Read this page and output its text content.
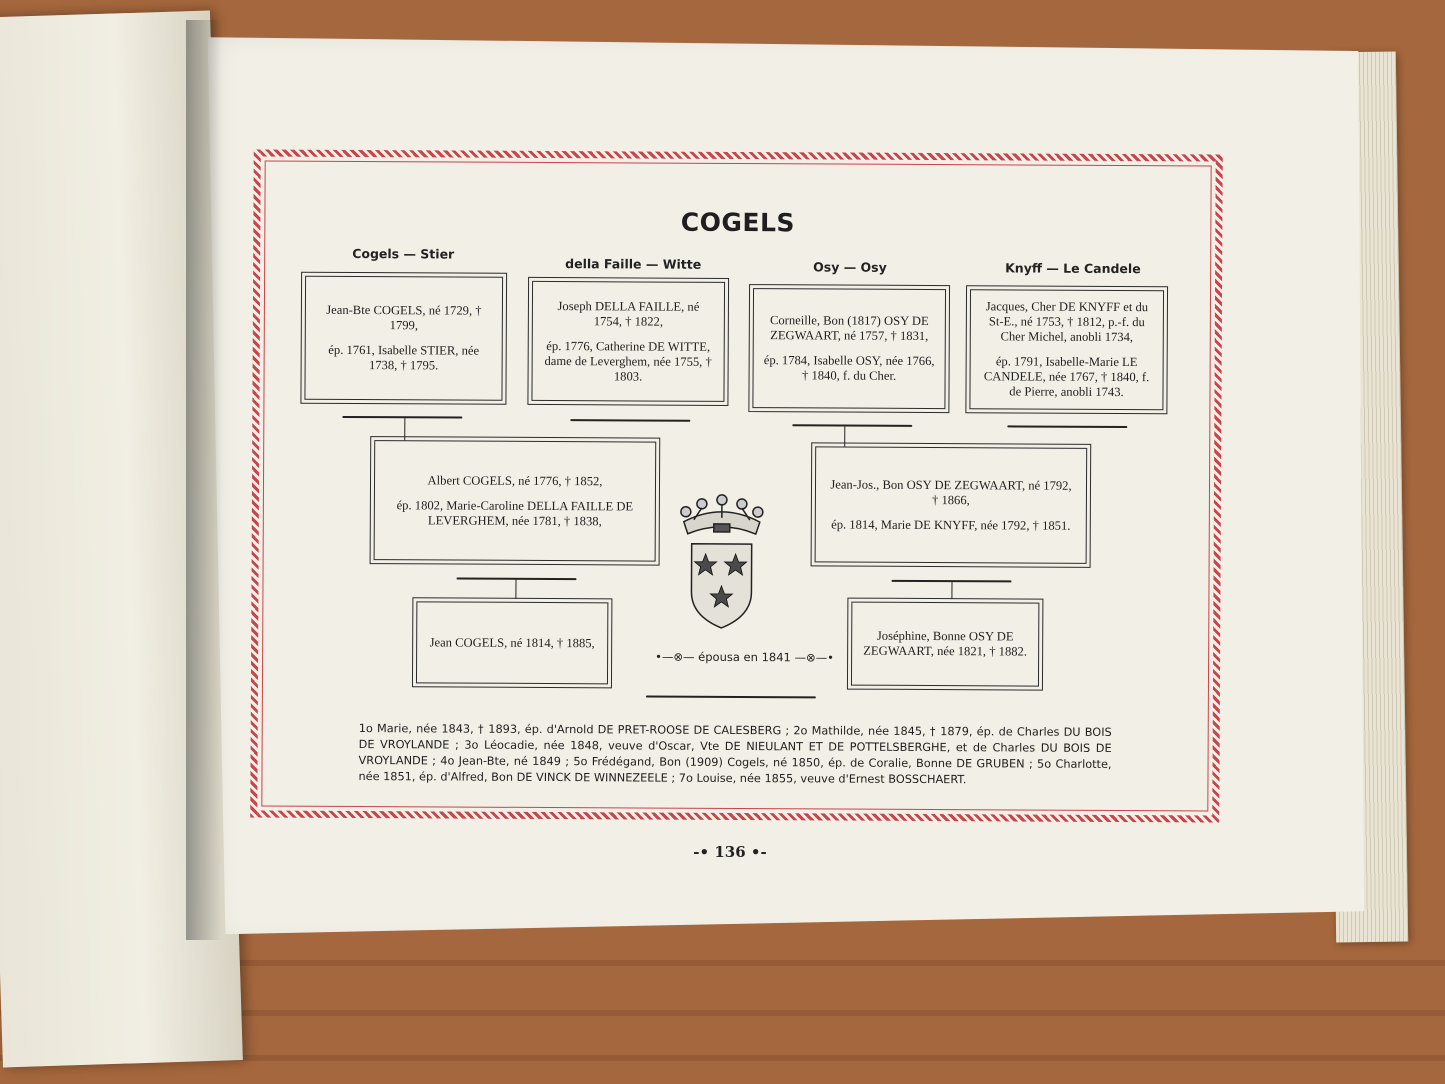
COGELS
Cogels — Stier
della Faille — Witte	Osy — Osy	Knyff — Le Candele
Jean-Bte COGELS, né 1729, † 1799,
ép. 1761, Isabelle STIER, née 1738, † 1795.
Joseph DELLA FAILLE, né 1754, † 1822,
ép. 1776, Catherine DE WITTE, dame de Leverghem, née 1755, † 1803.
Corneille, Bon (1817) OSY DE ZEGWAART, né 1757, † 1831,
ép. 1784, Isabelle OSY, née 1766, † 1840, f. du Cher.
Jacques, Cher DE KNYFF et du St-E., né 1753, † 1812, p.-f. du Cher Michel, anobli 1734,
ép. 1791, Isabelle-Marie LE CANDELE, née 1767, † 1840, f. de Pierre, anobli 1743.
Albert COGELS, né 1776, † 1852,
ép. 1802, Marie-Caroline DELLA FAILLE DE LEVERGHEM, née 1781, † 1838,
Jean-Jos., Bon OSY DE ZEGWAART, né 1792, † 1866,
ép. 1814, Marie DE KNYFF, née 1792, † 1851.
Jean COGELS, né 1814, † 1885,	Joséphine, Bonne OSY DE ZEGWAART, née 1821, † 1882.
•—⊗— épousa en 1841 —⊗—•
1o Marie, née 1843, † 1893, ép. d'Arnold DE PRET-ROOSE DE CALESBERG ; 2o Mathilde, née 1845, † 1879, ép. de Charles DU BOIS DE VROYLANDE ; 3o Léocadie, née 1848, veuve d'Oscar, Vte DE NIEULANT ET DE POTTELSBERGHE, et de Charles DU BOIS DE VROYLANDE ; 4o Jean-Bte, né 1849 ; 5o Frédégand, Bon (1909) Cogels, né 1850, ép. de Coralie, Bonne DE GRUBEN ; 5o Charlotte, née 1851, ép. d'Alfred, Bon DE VINCK DE WINNEZEELE ; 7o Louise, née 1855, veuve d'Ernest BOSSCHAERT.
-• 136 •-
